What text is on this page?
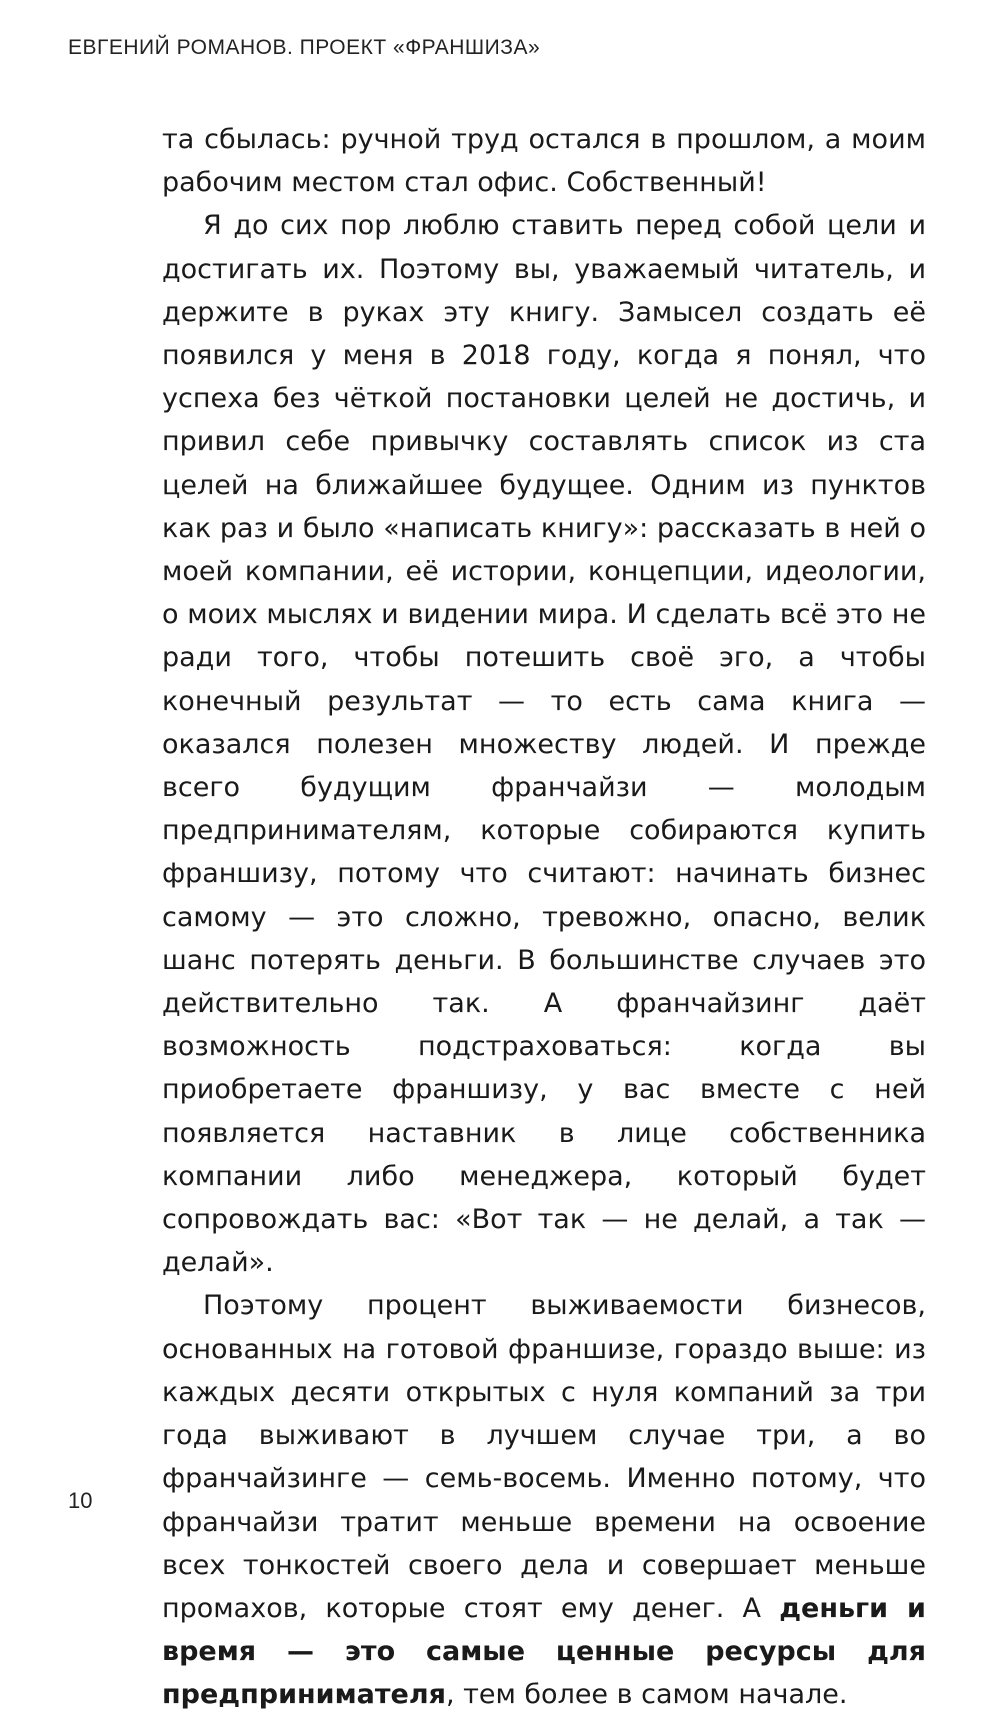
ЕВГЕНИЙ РОМАНОВ. ПРОЕКТ «ФРАНШИЗА»

та сбылась: ручной труд остался в прошлом, а моим рабочим местом стал офис. Собственный!

Я до сих пор люблю ставить перед собой цели и достигать их. Поэтому вы, уважаемый читатель, и держите в руках эту книгу. Замысел создать её появился у меня в 2018 году, когда я понял, что успеха без чёткой постановки целей не достичь, и привил себе привычку составлять список из ста целей на ближайшее будущее. Одним из пунктов как раз и было «написать книгу»: рассказать в ней о моей компании, её истории, концепции, идеологии, о моих мыслях и видении мира. И сделать всё это не ради того, чтобы потешить своё эго, а чтобы конечный результат — то есть сама книга — оказался полезен множеству людей. И прежде всего будущим франчайзи — молодым предпринимателям, которые собираются купить франшизу, потому что считают: начинать бизнес самому — это сложно, тревожно, опасно, велик шанс потерять деньги. В большинстве случаев это действительно так. А франчайзинг даёт возможность подстраховаться: когда вы приобретаете франшизу, у вас вместе с ней появляется наставник в лице собственника компании либо менеджера, который будет сопровождать вас: «Вот так — не делай, а так — делай».

Поэтому процент выживаемости бизнесов, основанных на готовой франшизе, гораздо выше: из каждых десяти открытых с нуля компаний за три года выживают в лучшем случае три, а во франчайзинге — семь-восемь. Именно потому, что франчайзи тратит меньше времени на освоение всех тонкостей своего дела и совершает меньше промахов, которые стоят ему денег. А деньги и время — это самые ценные ресурсы для предпринимателя, тем более в самом начале.

10
